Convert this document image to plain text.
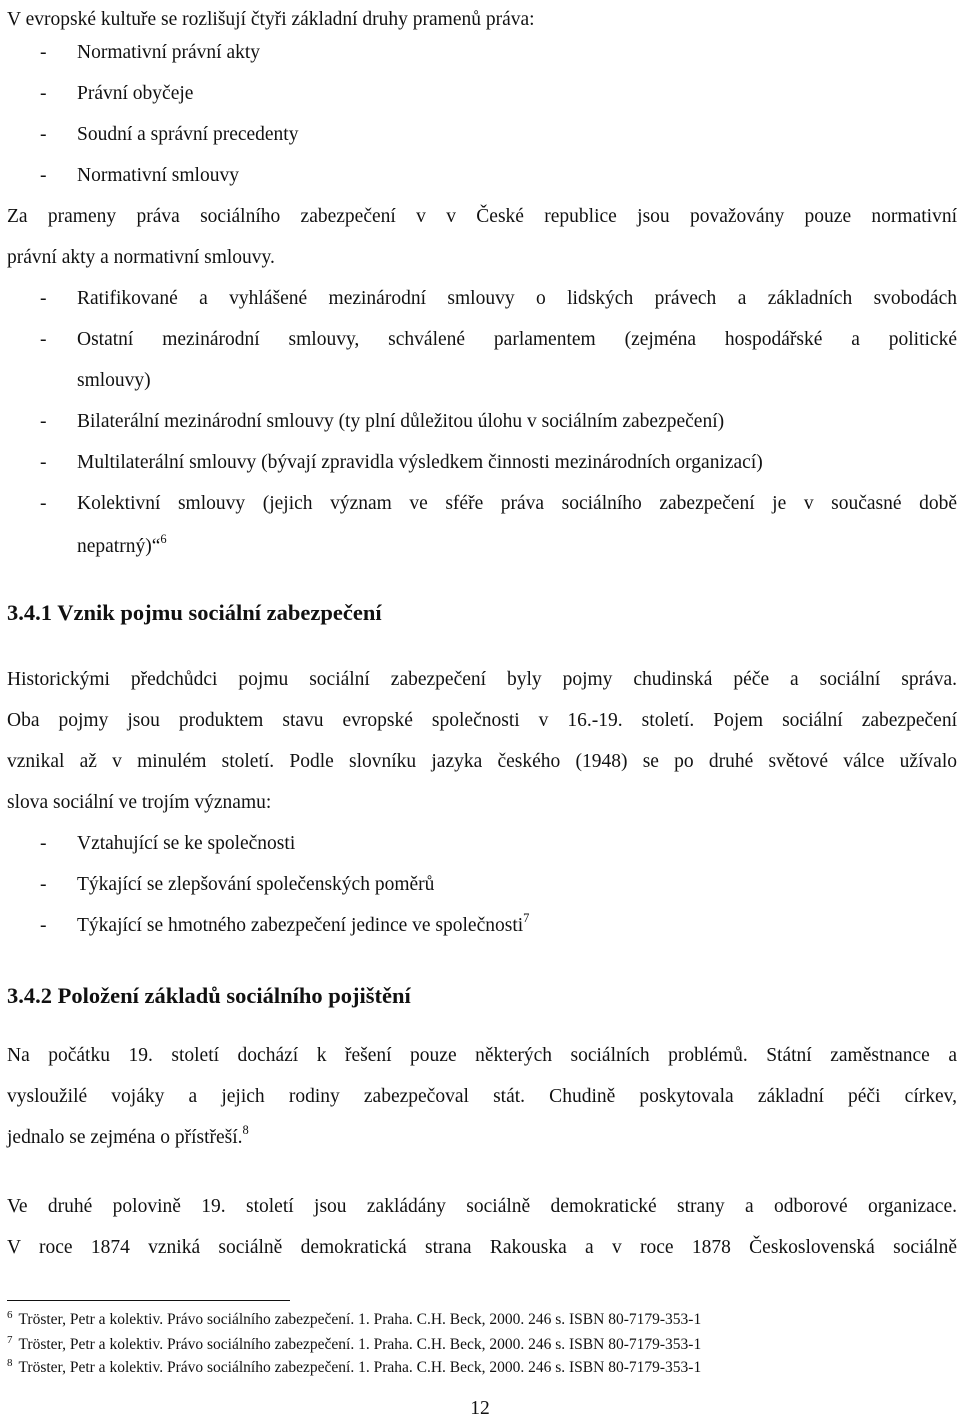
V evropské kultuře se rozlišují čtyři základní druhy pramenů práva:
- Normativní právní akty
- Právní obyčeje
- Soudní a správní precedenty
- Normativní smlouvy
Za prameny práva sociálního zabezpečení v v České republice jsou považovány pouze normativní
právní akty a normativní smlouvy.
- Ratifikované a vyhlášené mezinárodní smlouvy o lidských právech a základních svobodách
- Ostatní mezinárodní smlouvy, schválené parlamentem (zejména hospodářské a politické
smlouvy)
- Bilaterální mezinárodní smlouvy (ty plní důležitou úlohu v sociálním zabezpečení)
- Multilaterální smlouvy (bývají zpravidla výsledkem činnosti mezinárodních organizací)
- Kolektivní smlouvy (jejich význam ve sféře práva sociálního zabezpečení je v současné době
nepatrný)“$^6$
3.4.1 Vznik pojmu sociální zabezpečení
Historickými předchůdci pojmu sociální zabezpečení byly pojmy chudinská péče a sociální správa.
Oba pojmy jsou produktem stavu evropské společnosti v 16.-19. století. Pojem sociální zabezpečení
vznikal až v minulém století. Podle slovníku jazyka českého (1948) se po druhé světové válce užívalo
slova sociální ve trojím významu:
- Vztahující se ke společnosti
- Týkající se zlepšování společenských poměrů
- Týkající se hmotného zabezpečení jedince ve společnosti$^7$
3.4.2 Položení základů sociálního pojištění
Na počátku 19. století dochází k řešení pouze některých sociálních problémů. Státní zaměstnance a
vysloužilé vojáky a jejich rodiny zabezpečoval stát. Chudině poskytovala základní péči církev,
jednalo se zejména o přístřeší.$^8$
Ve druhé polovině 19. století jsou zakládány sociálně demokratické strany a odborové organizace.
V roce 1874 vzniká sociálně demokratická strana Rakouska a v roce 1878 Československá sociálně
$^6$ Tröster, Petr a kolektiv. Právo sociálního zabezpečení. 1. Praha. C.H. Beck, 2000. 246 s. ISBN 80-7179-353-1
$^7$ Tröster, Petr a kolektiv. Právo sociálního zabezpečení. 1. Praha. C.H. Beck, 2000. 246 s. ISBN 80-7179-353-1
$^8$ Tröster, Petr a kolektiv. Právo sociálního zabezpečení. 1. Praha. C.H. Beck, 2000. 246 s. ISBN 80-7179-353-1
12
